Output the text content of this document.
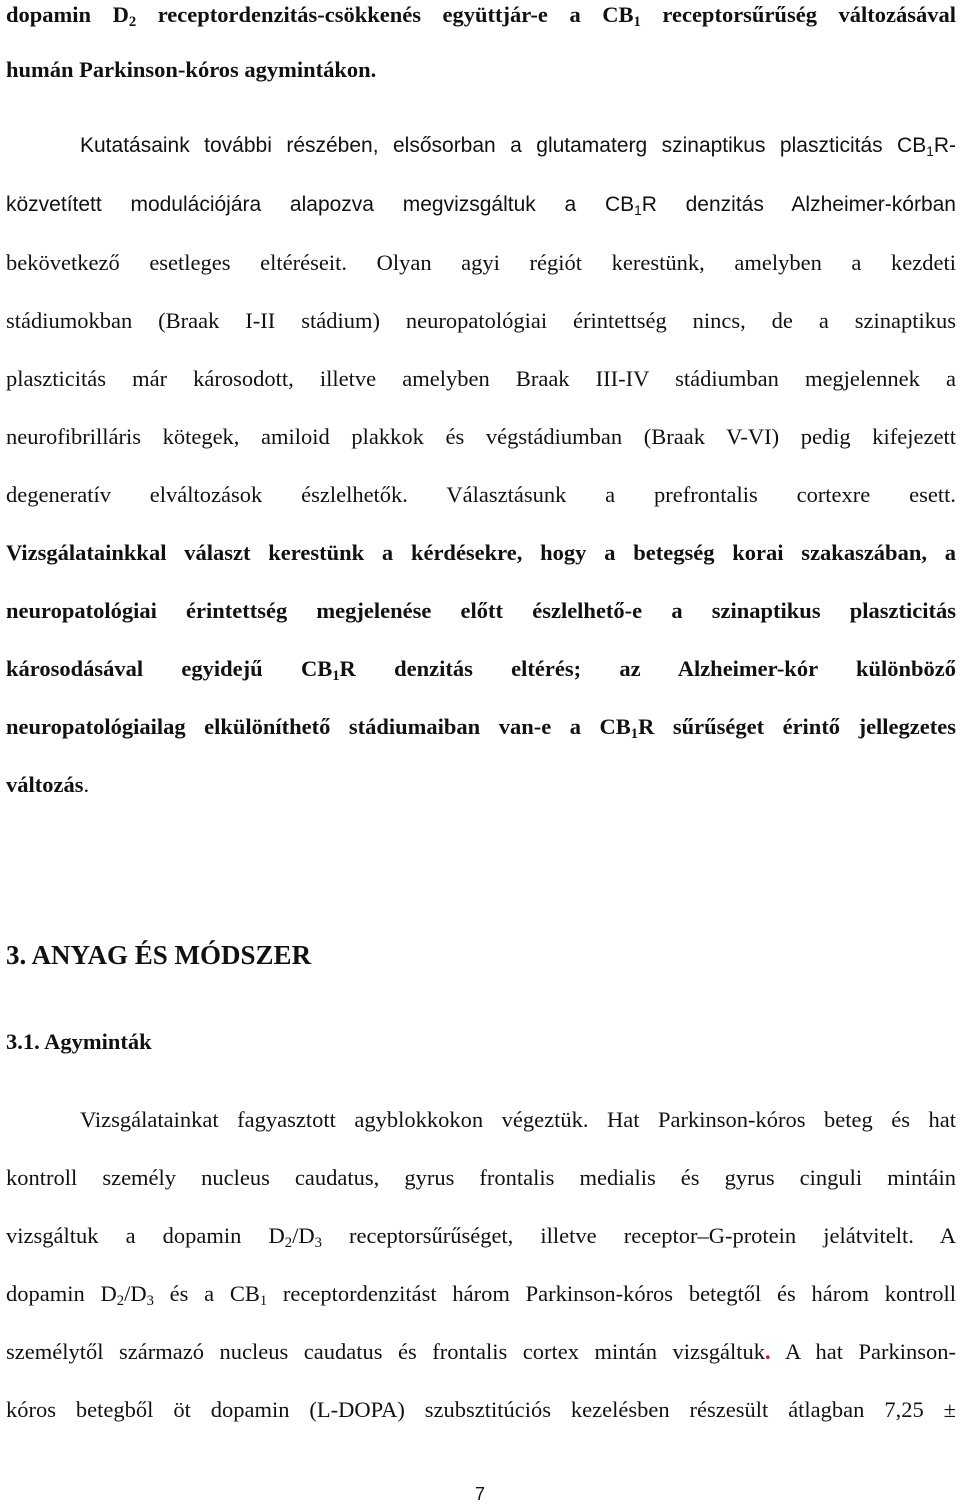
dopamin $D_2$ receptordenzitás-csökkenés együttjár-e a $CB_1$ receptorsűrűség változásával
humán Parkinson-kóros agymintákon.
Kutatásaink további részében, elsősorban a glutamaterg szinaptikus plaszticitás $CB_1R-$
közvetített modulációjára alapozva megvizsgáltuk a $CB_1R$ denzitás Alzheimer-kórban
bekövetkező esetleges eltéréseit. Olyan agyi régiót kerestünk, amelyben a kezdeti
stádiumokban (Braak I-II stádium) neuropatológiai érintettség nincs, de a szinaptikus
plaszticitás már károsodott, illetve amelyben Braak III-IV stádiumban megjelennek a
neurofibrilláris kötegek, amiloid plakkok és végstádiumban (Braak V-VI) pedig kifejezett
degeneratív elváltozások észlelhetők. Választásunk a prefrontalis cortexre esett.
Vizsgálatainkkal választ kerestünk a kérdésekre, hogy a betegség korai szakaszában, a
neuropatológiai érintettség megjelenése előtt észlelhető-e a szinaptikus plaszticitás
károsodásával egyidejű $CB_1R$ denzitás eltérés; az Alzheimer-kór különböző
neuropatológiailag elkülöníthető stádiumaiban van-e a $CB_1R$ sűrűséget érintő jellegzetes
változás.
3. ANYAG ÉS MÓDSZER
3.1. Agyminták
Vizsgálatainkat fagyasztott agyblokkokon végeztük. Hat Parkinson-kóros beteg és hat
kontroll személy nucleus caudatus, gyrus frontalis medialis és gyrus cinguli mintáin
vizsgáltuk a dopamin $D_2/D_3$ receptorsűrűséget, illetve receptor–G-protein jelátvitelt. A
dopamin $D_2/D_3$ és a $CB_1$ receptordenzitást három Parkinson-kóros betegtől és három kontroll
személytől származó nucleus caudatus és frontalis cortex mintán vizsgáltuk. A hat Parkinson-
kóros betegből öt dopamin (L-DOPA) szubsztitúciós kezelésben részesült átlagban 7,25 ±
7
